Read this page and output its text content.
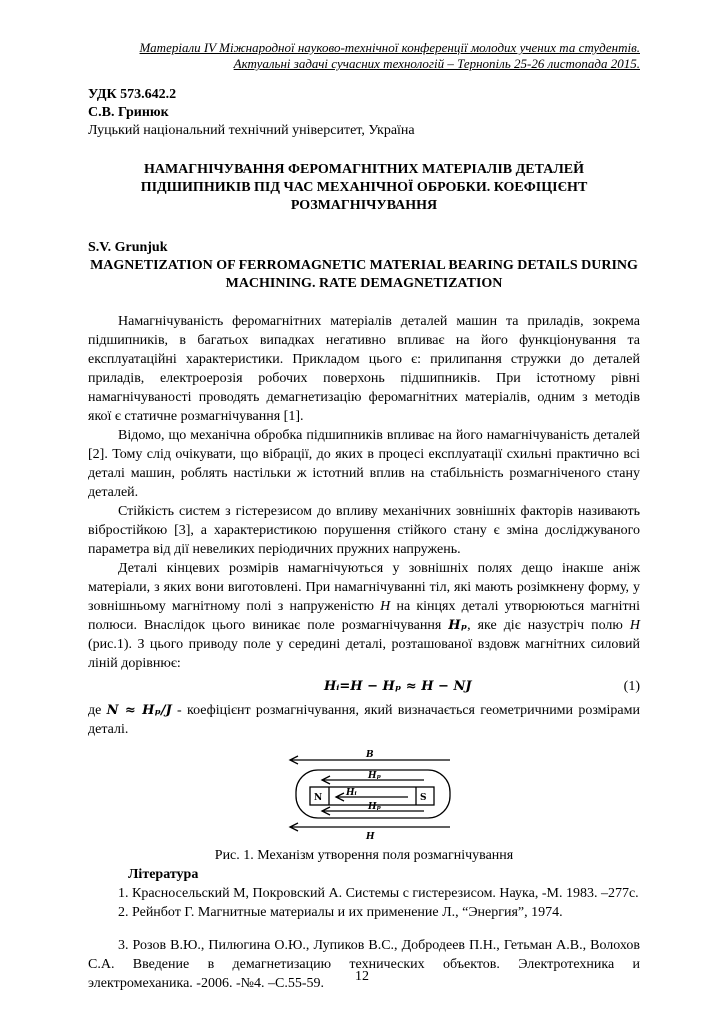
Матеріали IV Міжнародної науково-технічної конференції молодих учених та студентів.
Актуальні задачі сучасних технологій – Тернопіль 25-26 листопада 2015.
УДК 573.642.2
С.В. Гринюк
Луцький національний технічний університет, Україна
НАМАГНІЧУВАННЯ ФЕРОМАГНІТНИХ МАТЕРІАЛІВ ДЕТАЛЕЙ ПІДШИПНИКІВ ПІД ЧАС МЕХАНІЧНОЇ ОБРОБКИ. КОЕФІЦІЄНТ РОЗМАГНІЧУВАННЯ
S.V. Grunjuk
MAGNETIZATION OF FERROMAGNETIC MATERIAL BEARING DETAILS DURING MACHINING. RATE DEMAGNETIZATION

Намагнічуваність феромагнітних матеріалів деталей машин та приладів, зокрема підшипників, в багатьох випадках негативно впливає на його функціонування та експлуатаційні характеристики. Прикладом цього є: прилипання стружки до деталей приладів, електроерозія робочих поверхонь підшипників. При істотному рівні намагнічуваності проводять демагнетизацію феромагнітних матеріалів, одним з методів якої є статичне розмагнічування [1].

Відомо, що механічна обробка підшипників впливає на його намагнічуваність деталей [2]. Тому слід очікувати, що вібрації, до яких в процесі експлуатації схильні практично всі деталі машин, роблять настільки ж істотний вплив на стабільність розмагніченого стану деталей.

Стійкість систем з гістерезисом до впливу механічних зовнішніх факторів називають вібростійкою [3], а характеристикою порушення стійкого стану є зміна досліджуваного параметра від дії невеликих періодичних пружних напружень.

Деталі кінцевих розмірів намагнічуються у зовнішніх полях дещо інакше аніж матеріали, з яких вони виготовлені. При намагнічуванні тіл, які мають розімкнену форму, у зовнішньому магнітному полі з напруженістю H на кінцях деталі утворюються магнітні полюси. Внаслідок цього виникає поле розмагнічування Hₚ, яке діє назустріч полю H (рис.1). З цього приводу поле у середині деталі, розташованої вздовж магнітних силовий ліній дорівнює:

Hᵢ=H − Hₚ ≈ H − NJ	(1)

де N ≈ Hₚ/J - коефіцієнт розмагнічування, який визначається геометричними розмірами деталі.

B
Hₚ
N	Hᵢ	S
Hₚ
H
Рис. 1. Механізм утворення поля розмагнічування
Література
1. Красносельский М, Покровский А. Системы с гистерезисом. Наука, -М. 1983. –277с.
2. Рейнбот Г. Магнитные материалы и их применение Л., “Энергия”, 1974.
3. Розов В.Ю., Пилюгина О.Ю., Лупиков В.С., Добродеев П.Н., Гетьман А.В., Волохов С.А. Введение в демагнетизацию технических объектов. Электротехника и электромеханика. -2006. -№4. –С.55-59.	12
